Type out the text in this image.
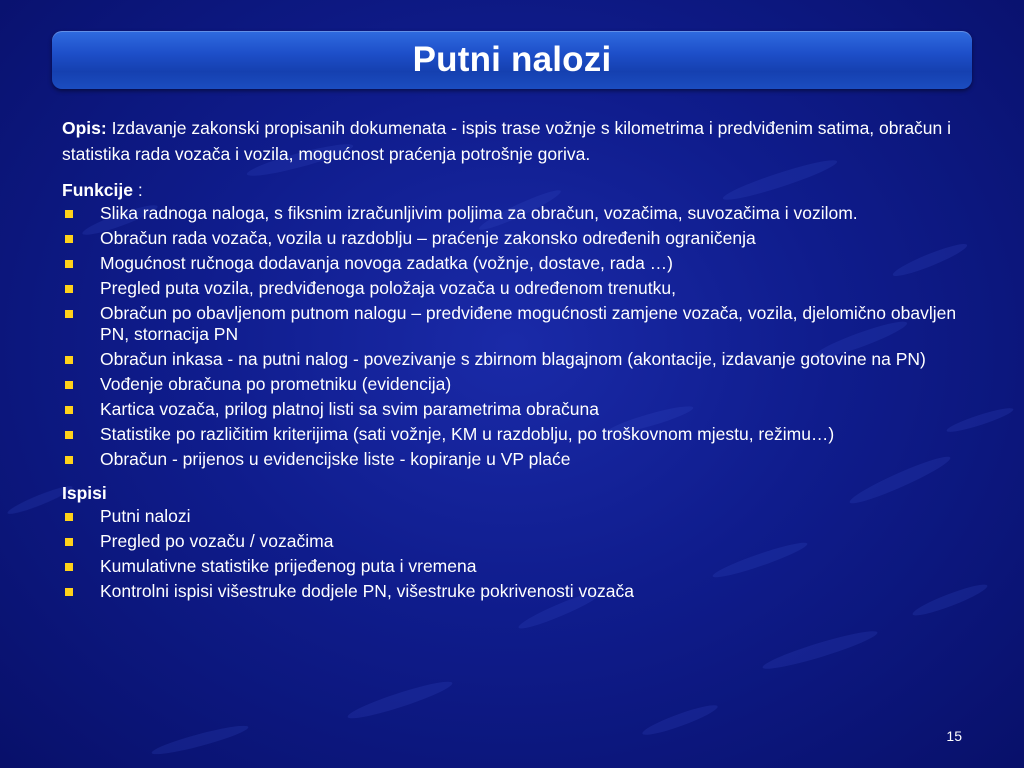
Putni nalozi

Opis: Izdavanje zakonski propisanih dokumenata - ispis trase vožnje s kilometrima i predviđenim satima, obračun i statistika rada vozača i vozila, mogućnost praćenja potrošnje goriva.

Funkcije :

Slika radnoga naloga, s fiksnim izračunljivim poljima za obračun, vozačima, suvozačima i vozilom.
Obračun rada vozača, vozila u razdoblju – praćenje zakonsko određenih ograničenja
Mogućnost ručnoga dodavanja novoga zadatka (vožnje, dostave, rada …)
Pregled puta vozila, predviđenoga položaja vozača u određenom trenutku,
Obračun po obavljenom putnom nalogu – predviđene mogućnosti zamjene vozača, vozila, djelomično obavljen PN, stornacija PN
Obračun inkasa - na putni nalog - povezivanje s zbirnom blagajnom (akontacije, izdavanje gotovine na PN)
Vođenje obračuna po prometniku (evidencija)
Kartica vozača, prilog platnoj listi sa svim parametrima obračuna
Statistike po različitim kriterijima (sati vožnje, KM u razdoblju, po troškovnom mjestu, režimu…)
Obračun - prijenos u evidencijske liste - kopiranje u VP plaće

Ispisi

Putni nalozi
Pregled po vozaču / vozačima
Kumulativne statistike prijeđenog puta i vremena
Kontrolni ispisi višestruke dodjele PN, višestruke pokrivenosti vozača
15
